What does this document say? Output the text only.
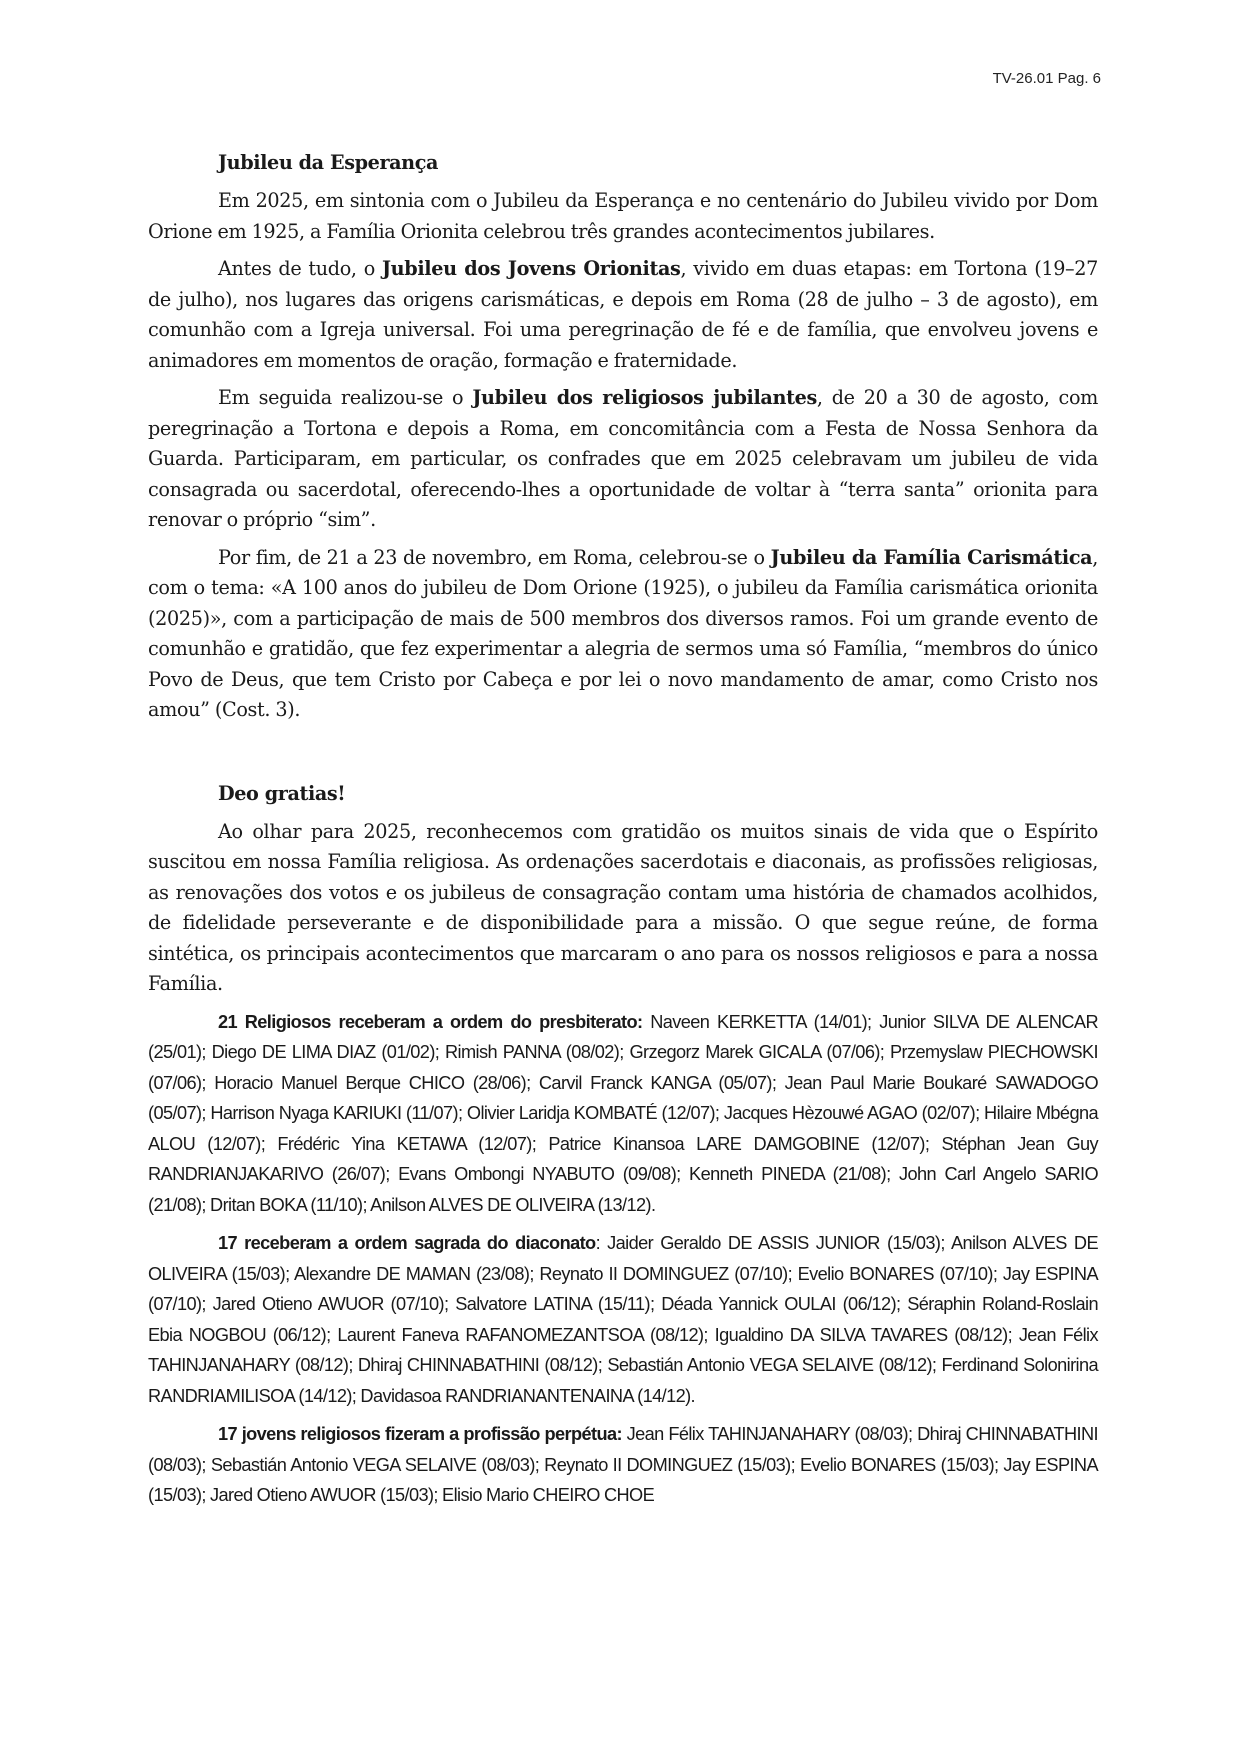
TV-26.01 Pag. 6
Jubileu da Esperança

Em 2025, em sintonia com o Jubileu da Esperança e no centenário do Jubileu vivido por Dom Orione em 1925, a Família Orionita celebrou três grandes acontecimentos jubilares.

Antes de tudo, o Jubileu dos Jovens Orionitas, vivido em duas etapas: em Tortona (19–27 de julho), nos lugares das origens carismáticas, e depois em Roma (28 de julho – 3 de agosto), em comunhão com a Igreja universal. Foi uma peregrinação de fé e de família, que envolveu jovens e animadores em momentos de oração, formação e fraternidade.

Em seguida realizou-se o Jubileu dos religiosos jubilantes, de 20 a 30 de agosto, com peregrinação a Tortona e depois a Roma, em concomitância com a Festa de Nossa Senhora da Guarda. Participaram, em particular, os confrades que em 2025 celebravam um jubileu de vida consagrada ou sacerdotal, oferecendo-lhes a oportunidade de voltar à “terra santa” orionita para renovar o próprio “sim”.

Por fim, de 21 a 23 de novembro, em Roma, celebrou-se o Jubileu da Família Carismática, com o tema: «A 100 anos do jubileu de Dom Orione (1925), o jubileu da Família carismática orionita (2025)», com a participação de mais de 500 membros dos diversos ramos. Foi um grande evento de comunhão e gratidão, que fez experimentar a alegria de sermos uma só Família, “membros do único Povo de Deus, que tem Cristo por Cabeça e por lei o novo mandamento de amar, como Cristo nos amou” (Cost. 3).

Deo gratias!

Ao olhar para 2025, reconhecemos com gratidão os muitos sinais de vida que o Espírito suscitou em nossa Família religiosa. As ordenações sacerdotais e diaconais, as profissões religiosas, as renovações dos votos e os jubileus de consagração contam uma história de chamados acolhidos, de fidelidade perseverante e de disponibilidade para a missão. O que segue reúne, de forma sintética, os principais acontecimentos que marcaram o ano para os nossos religiosos e para a nossa Família.

21 Religiosos receberam a ordem do presbiterato: Naveen KERKETTA (14/01); Junior SILVA DE ALENCAR (25/01); Diego DE LIMA DIAZ (01/02); Rimish PANNA (08/02); Grzegorz Marek GICALA (07/06); Przemyslaw PIECHOWSKI (07/06); Horacio Manuel Berque CHICO (28/06); Carvil Franck KANGA (05/07); Jean Paul Marie Boukaré SAWADOGO (05/07); Harrison Nyaga KARIUKI (11/07); Olivier Laridja KOMBATÉ (12/07); Jacques Hèzouwé AGAO (02/07); Hilaire Mbégna ALOU (12/07); Frédéric Yina KETAWA (12/07); Patrice Kinansoa LARE DAMGOBINE (12/07); Stéphan Jean Guy RANDRIANJAKARIVO (26/07); Evans Ombongi NYABUTO (09/08); Kenneth PINEDA (21/08); John Carl Angelo SARIO (21/08); Dritan BOKA (11/10); Anilson ALVES DE OLIVEIRA (13/12).

17 receberam a ordem sagrada do diaconato: Jaider Geraldo DE ASSIS JUNIOR (15/03); Anilson ALVES DE OLIVEIRA (15/03); Alexandre DE MAMAN (23/08); Reynato II DOMINGUEZ (07/10); Evelio BONARES (07/10); Jay ESPINA (07/10); Jared Otieno AWUOR (07/10); Salvatore LATINA (15/11); Déada Yannick OULAI (06/12); Séraphin Roland-Roslain Ebia NOGBOU (06/12); Laurent Faneva RAFANOMEZANTSOA (08/12); Igualdino DA SILVA TAVARES (08/12); Jean Félix TAHINJANAHARY (08/12); Dhiraj CHINNABATHINI (08/12); Sebastián Antonio VEGA SELAIVE (08/12); Ferdinand Solonirina RANDRIAMILISOA (14/12); Davidasoa RANDRIANANTENAINA (14/12).

17 jovens religiosos fizeram a profissão perpétua: Jean Félix TAHINJANAHARY (08/03); Dhiraj CHINNABATHINI (08/03); Sebastián Antonio VEGA SELAIVE (08/03); Reynato II DOMINGUEZ (15/03); Evelio BONARES (15/03); Jay ESPINA (15/03); Jared Otieno AWUOR (15/03); Elisio Mario CHEIRO CHOE
